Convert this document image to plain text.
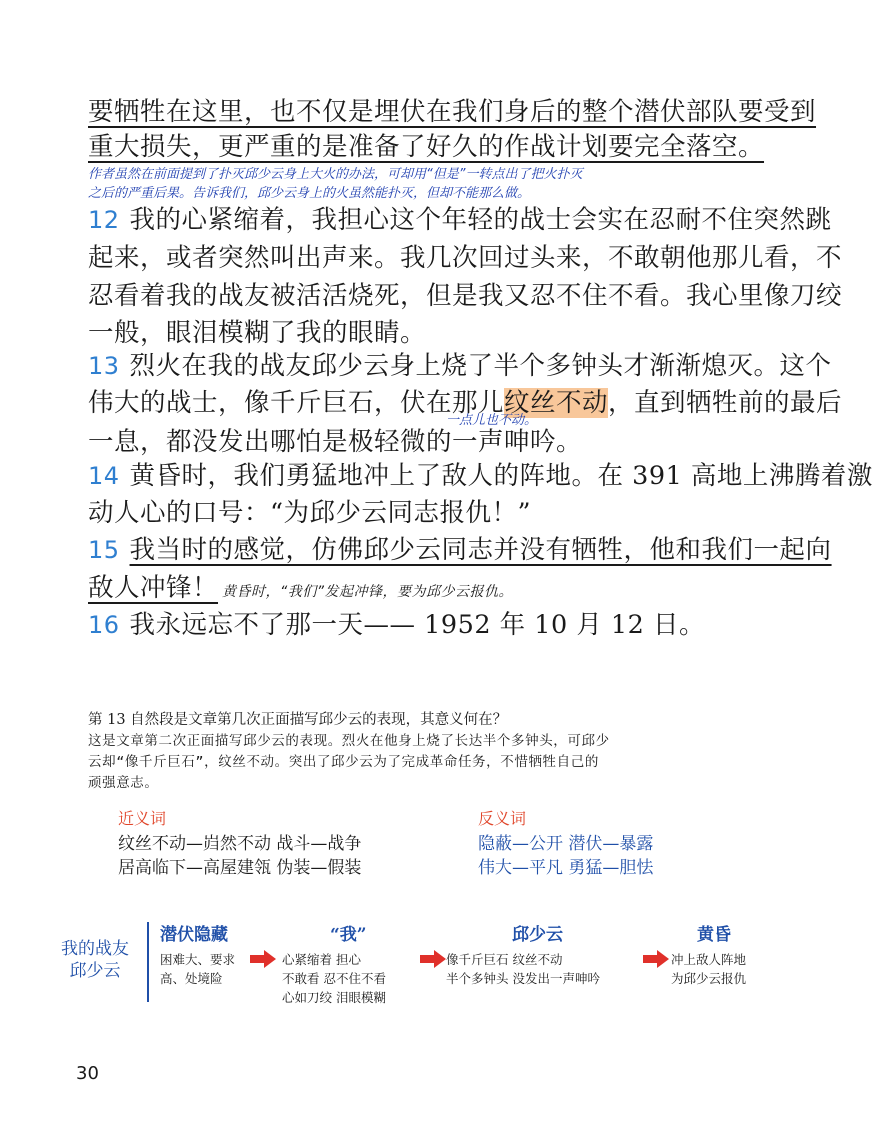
要牺牲在这里，也不仅是埋伏在我们身后的整个潜伏部队要受到
重大损失，更严重的是准备了好久的作战计划要完全落空。
作者虽然在前面提到了扑灭邱少云身上大火的办法，可却用“但是”一转点出了把火扑灭
之后的严重后果。告诉我们，邱少云身上的火虽然能扑灭，但却不能那么做。
12 我的心紧缩着，我担心这个年轻的战士会实在忍耐不住突然跳
起来，或者突然叫出声来。我几次回过头来，不敢朝他那儿看，不
忍看着我的战友被活活烧死，但是我又忍不住不看。我心里像刀绞
一般，眼泪模糊了我的眼睛。
13 烈火在我的战友邱少云身上烧了半个多钟头才渐渐熄灭。这个
伟大的战士，像千斤巨石，伏在那儿纹丝不动，直到牺牲前的最后
一点儿也不动。
一息，都没发出哪怕是极轻微的一声呻吟。
14 黄昏时，我们勇猛地冲上了敌人的阵地。在 391 高地上沸腾着激
动人心的口号：“为邱少云同志报仇！”
15 我当时的感觉，仿佛邱少云同志并没有牺牲，他和我们一起向
敌人冲锋！ 黄昏时，“我们”发起冲锋，要为邱少云报仇。
16 我永远忘不了那一天—— 1952 年 10 月 12 日。
第 13 自然段是文章第几次正面描写邱少云的表现，其意义何在？
这是文章第二次正面描写邱少云的表现。烈火在他身上烧了长达半个多钟头，可邱少
云却“像千斤巨石”，纹丝不动。突出了邱少云为了完成革命任务，不惜牺牲自己的
顽强意志。
近义词
纹丝不动—岿然不动 战斗—战争
居高临下—高屋建瓴 伪装—假装
反义词
隐蔽—公开 潜伏—暴露
伟大—平凡 勇猛—胆怯
我的战友
邱少云
潜伏隐藏
困难大、要求
高、处境险
“我”
心紧缩着 担心
不敢看 忍不住不看
心如刀绞 泪眼模糊
邱少云
像千斤巨石 纹丝不动
半个多钟头 没发出一声呻吟
黄昏
冲上敌人阵地
为邱少云报仇
30
